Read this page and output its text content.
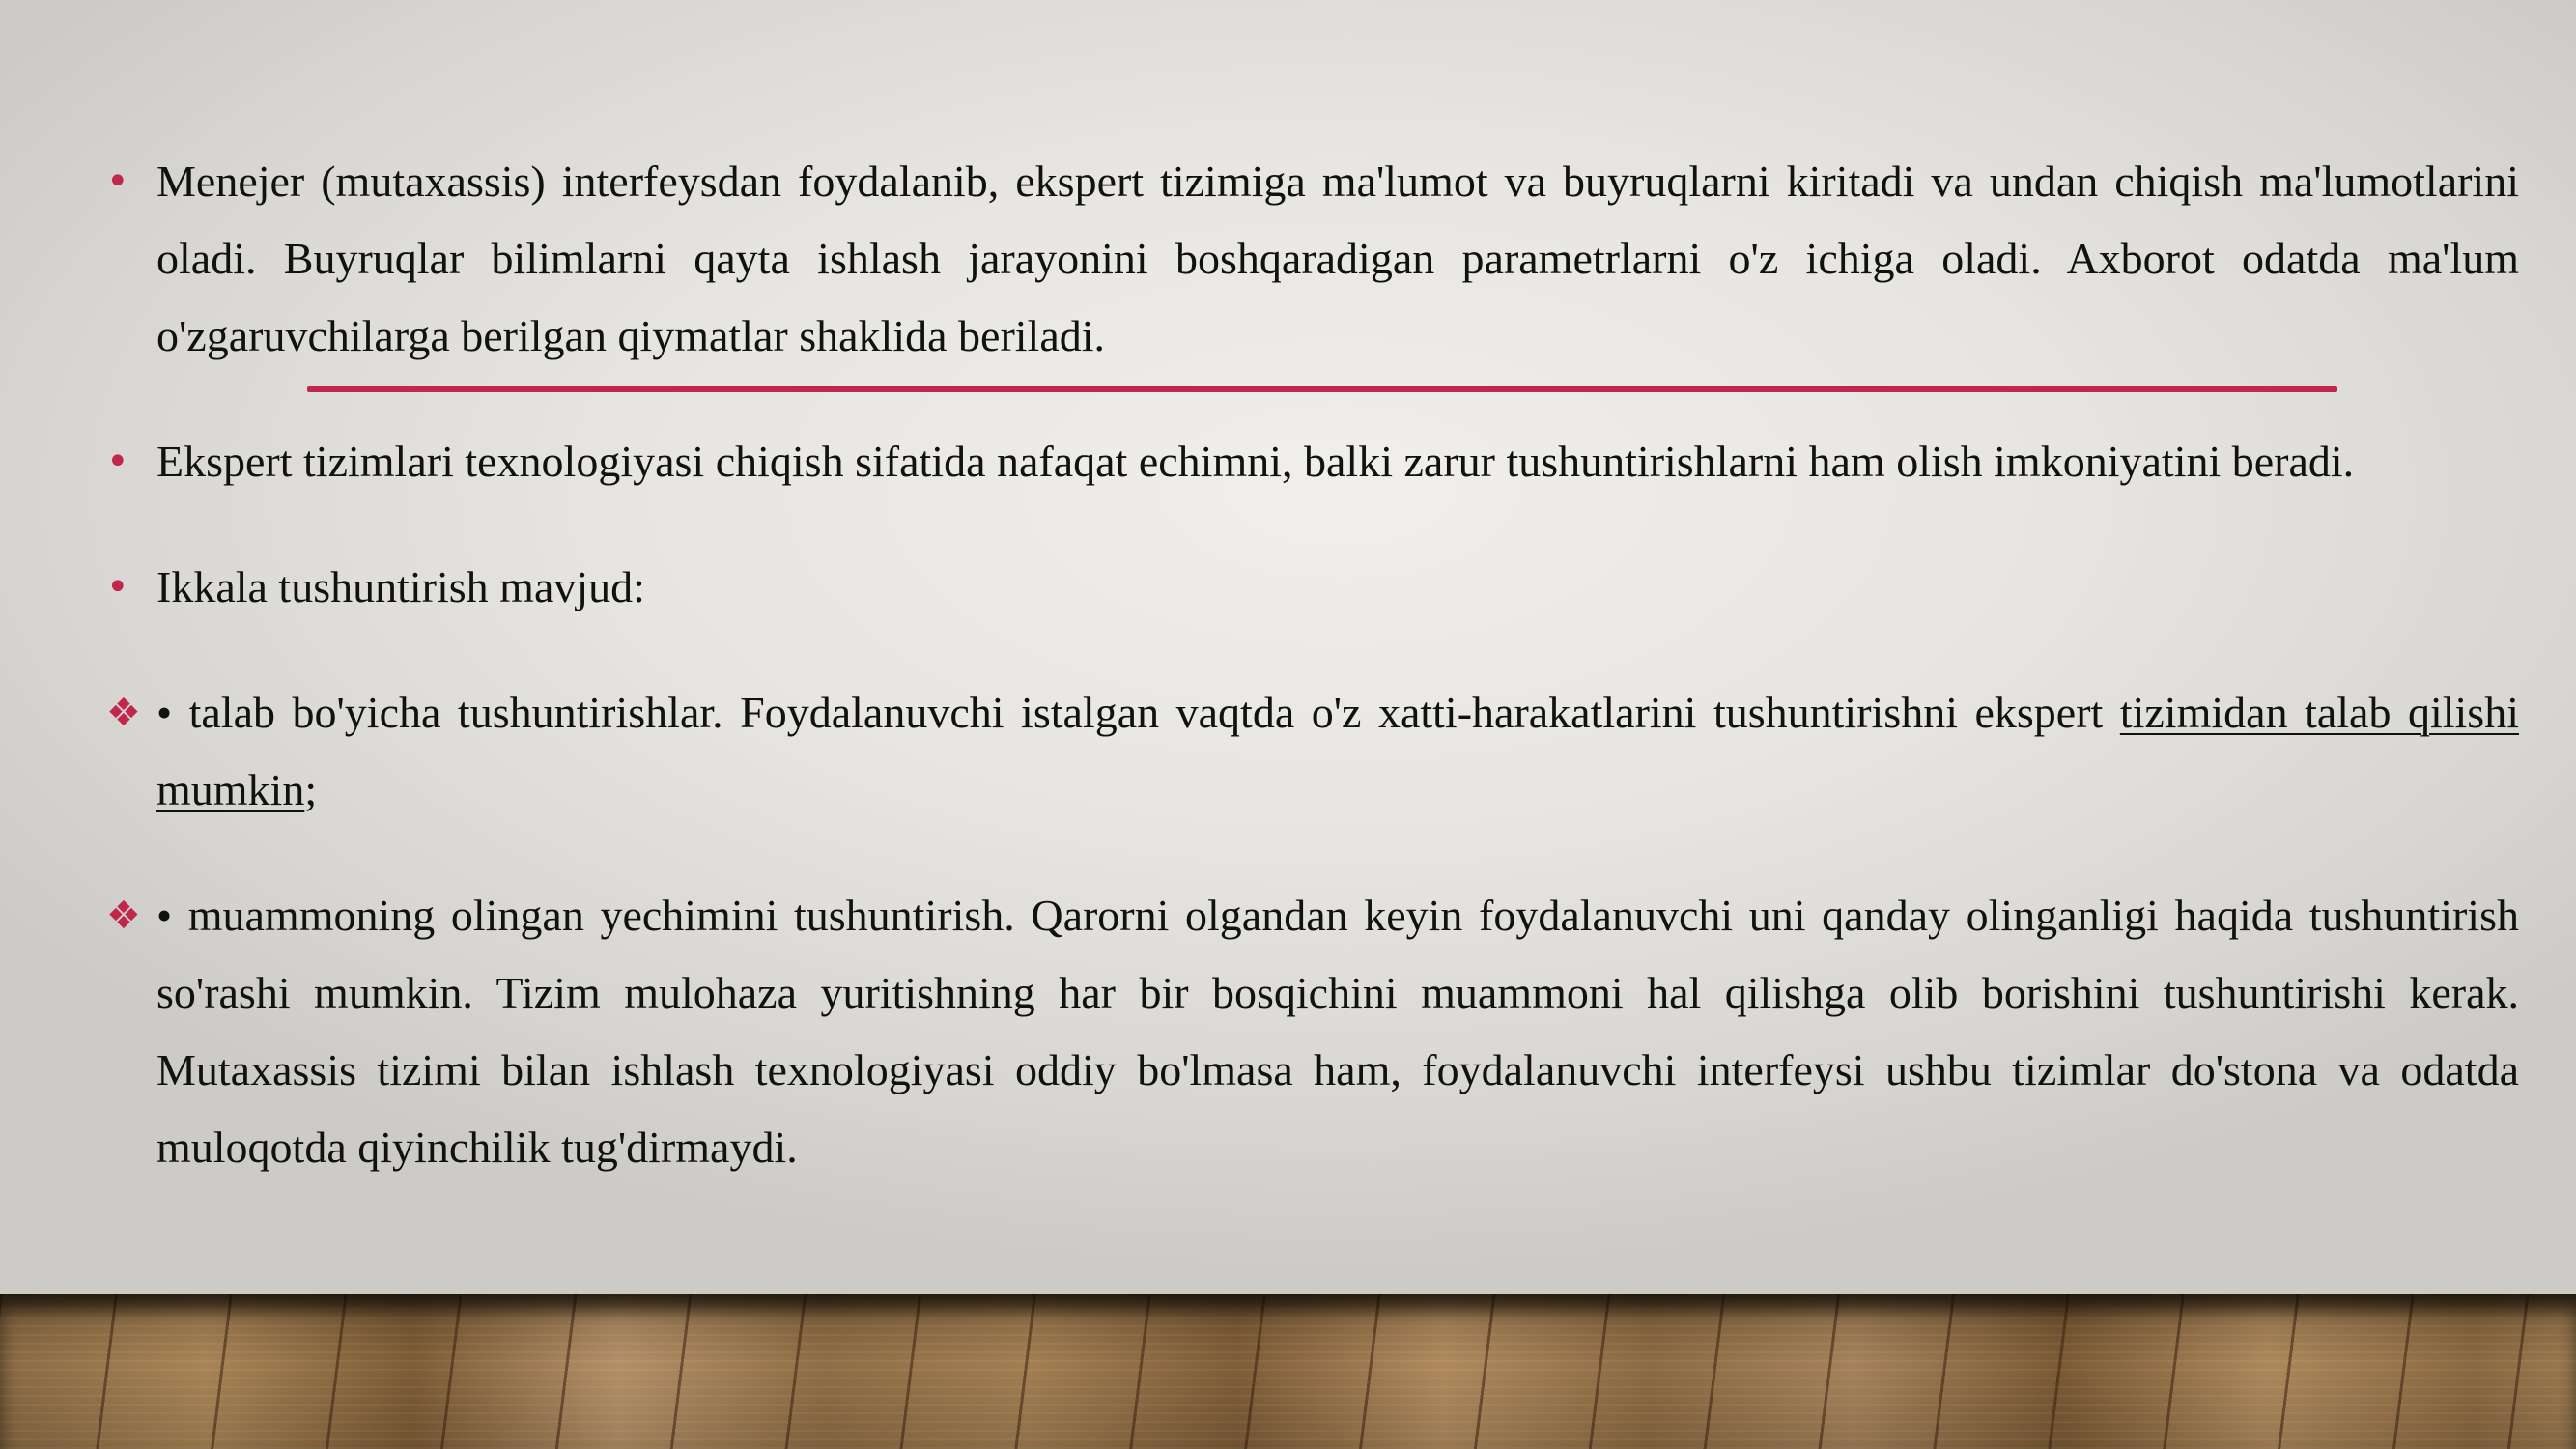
• Menejer (mutaxassis) interfeysdan foydalanib, ekspert tizimiga ma'lumot va buyruqlarni kiritadi va undan chiqish ma'lumotlarini oladi. Buyruqlar bilimlarni qayta ishlash jarayonini boshqaradigan parametrlarni o'z ichiga oladi. Axborot odatda ma'lum o'zgaruvchilarga berilgan qiymatlar shaklida beriladi.
• Ekspert tizimlari texnologiyasi chiqish sifatida nafaqat echimni, balki zarur tushuntirishlarni ham olish imkoniyatini beradi.
• Ikkala tushuntirish mavjud:
❖ • talab bo'yicha tushuntirishlar. Foydalanuvchi istalgan vaqtda o'z xatti-harakatlarini tushuntirishni ekspert tizimidan talab qilishi mumkin;
❖ • muammoning olingan yechimini tushuntirish. Qarorni olgandan keyin foydalanuvchi uni qanday olinganligi haqida tushuntirish so'rashi mumkin. Tizim mulohaza yuritishning har bir bosqichini muammoni hal qilishga olib borishini tushuntirishi kerak. Mutaxassis tizimi bilan ishlash texnologiyasi oddiy bo'lmasa ham, foydalanuvchi interfeysi ushbu tizimlar do'stona va odatda muloqotda qiyinchilik tug'dirmaydi.
